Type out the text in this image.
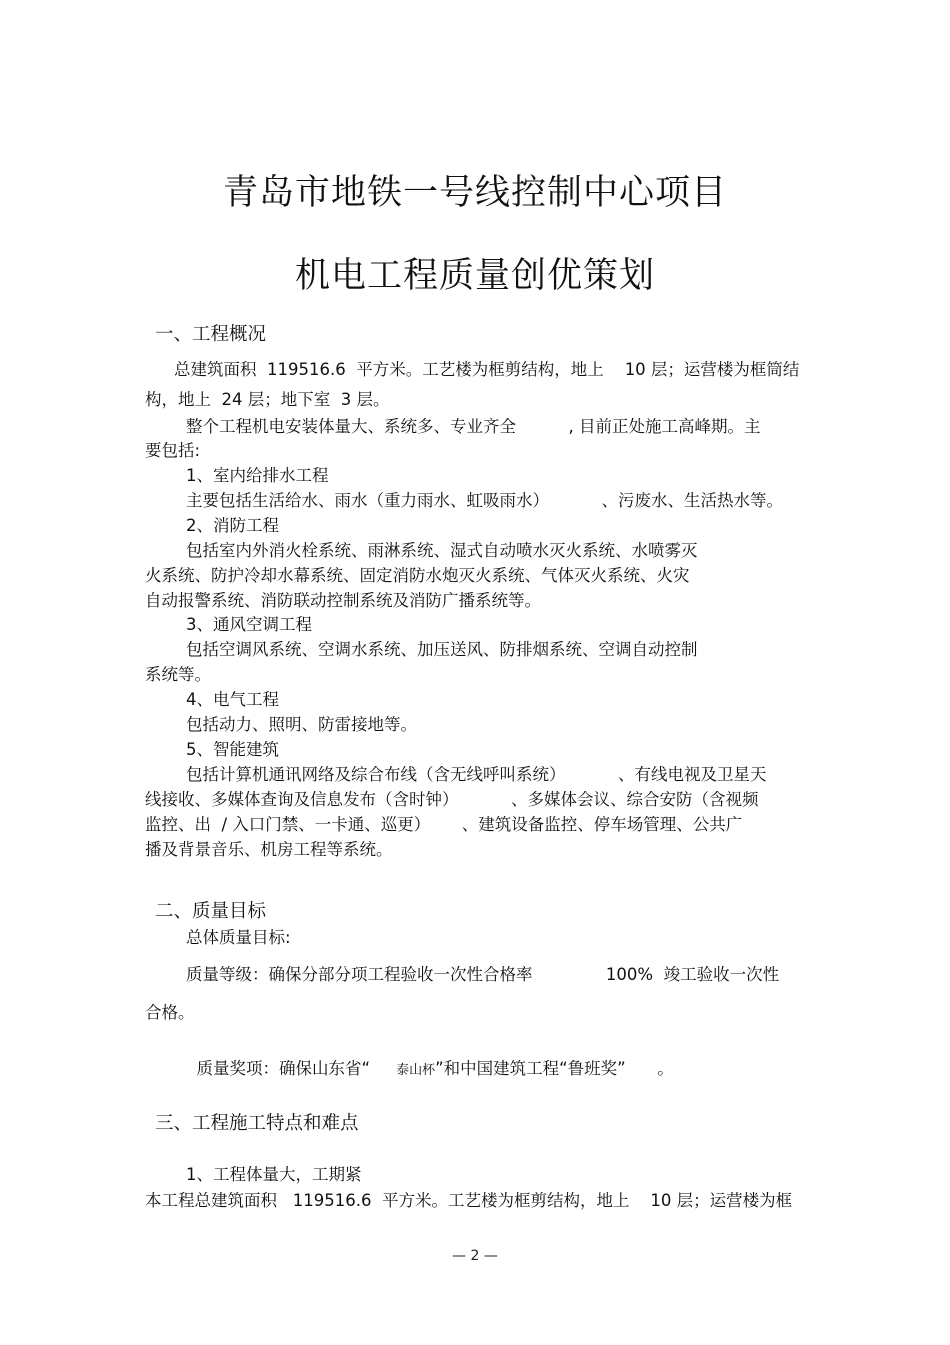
青岛市地铁一号线控制中心项目
机电工程质量创优策划
一、工程概况
总建筑面积  119516.6  平方米。工艺楼为框剪结构，地上    10 层；运营楼为框筒结
构，地上  24 层；地下室  3 层。
整个工程机电安装体量大、系统多、专业齐全          , 目前正处施工高峰期。主
要包括:
1、室内给排水工程
主要包括生活给水、雨水（重力雨水、虹吸雨水）          、污废水、生活热水等。
2、消防工程
包括室内外消火栓系统、雨淋系统、湿式自动喷水灭火系统、水喷雾灭
火系统、防护冷却水幕系统、固定消防水炮灭火系统、气体灭火系统、火灾
自动报警系统、消防联动控制系统及消防广播系统等。
3、通风空调工程
包括空调风系统、空调水系统、加压送风、防排烟系统、空调自动控制
系统等。
4、电气工程
包括动力、照明、防雷接地等。
5、智能建筑
包括计算机通讯网络及综合布线（含无线呼叫系统）          、有线电视及卫星天
线接收、多媒体查询及信息发布（含时钟）          、多媒体会议、综合安防（含视频
监控、出  / 入口门禁、一卡通、巡更）      、建筑设备监控、停车场管理、公共广
播及背景音乐、机房工程等系统。
二、质量目标
总体质量目标:
质量等级：确保分部分项工程验收一次性合格率              100%  竣工验收一次性
合格。

质量奖项：确保山东省“ 泰山杯”和中国建筑工程“鲁班奖”      。

三、工程施工特点和难点
1、工程体量大，工期紧
本工程总建筑面积   119516.6  平方米。工艺楼为框剪结构，地上    10 层；运营楼为框
— 2 —
